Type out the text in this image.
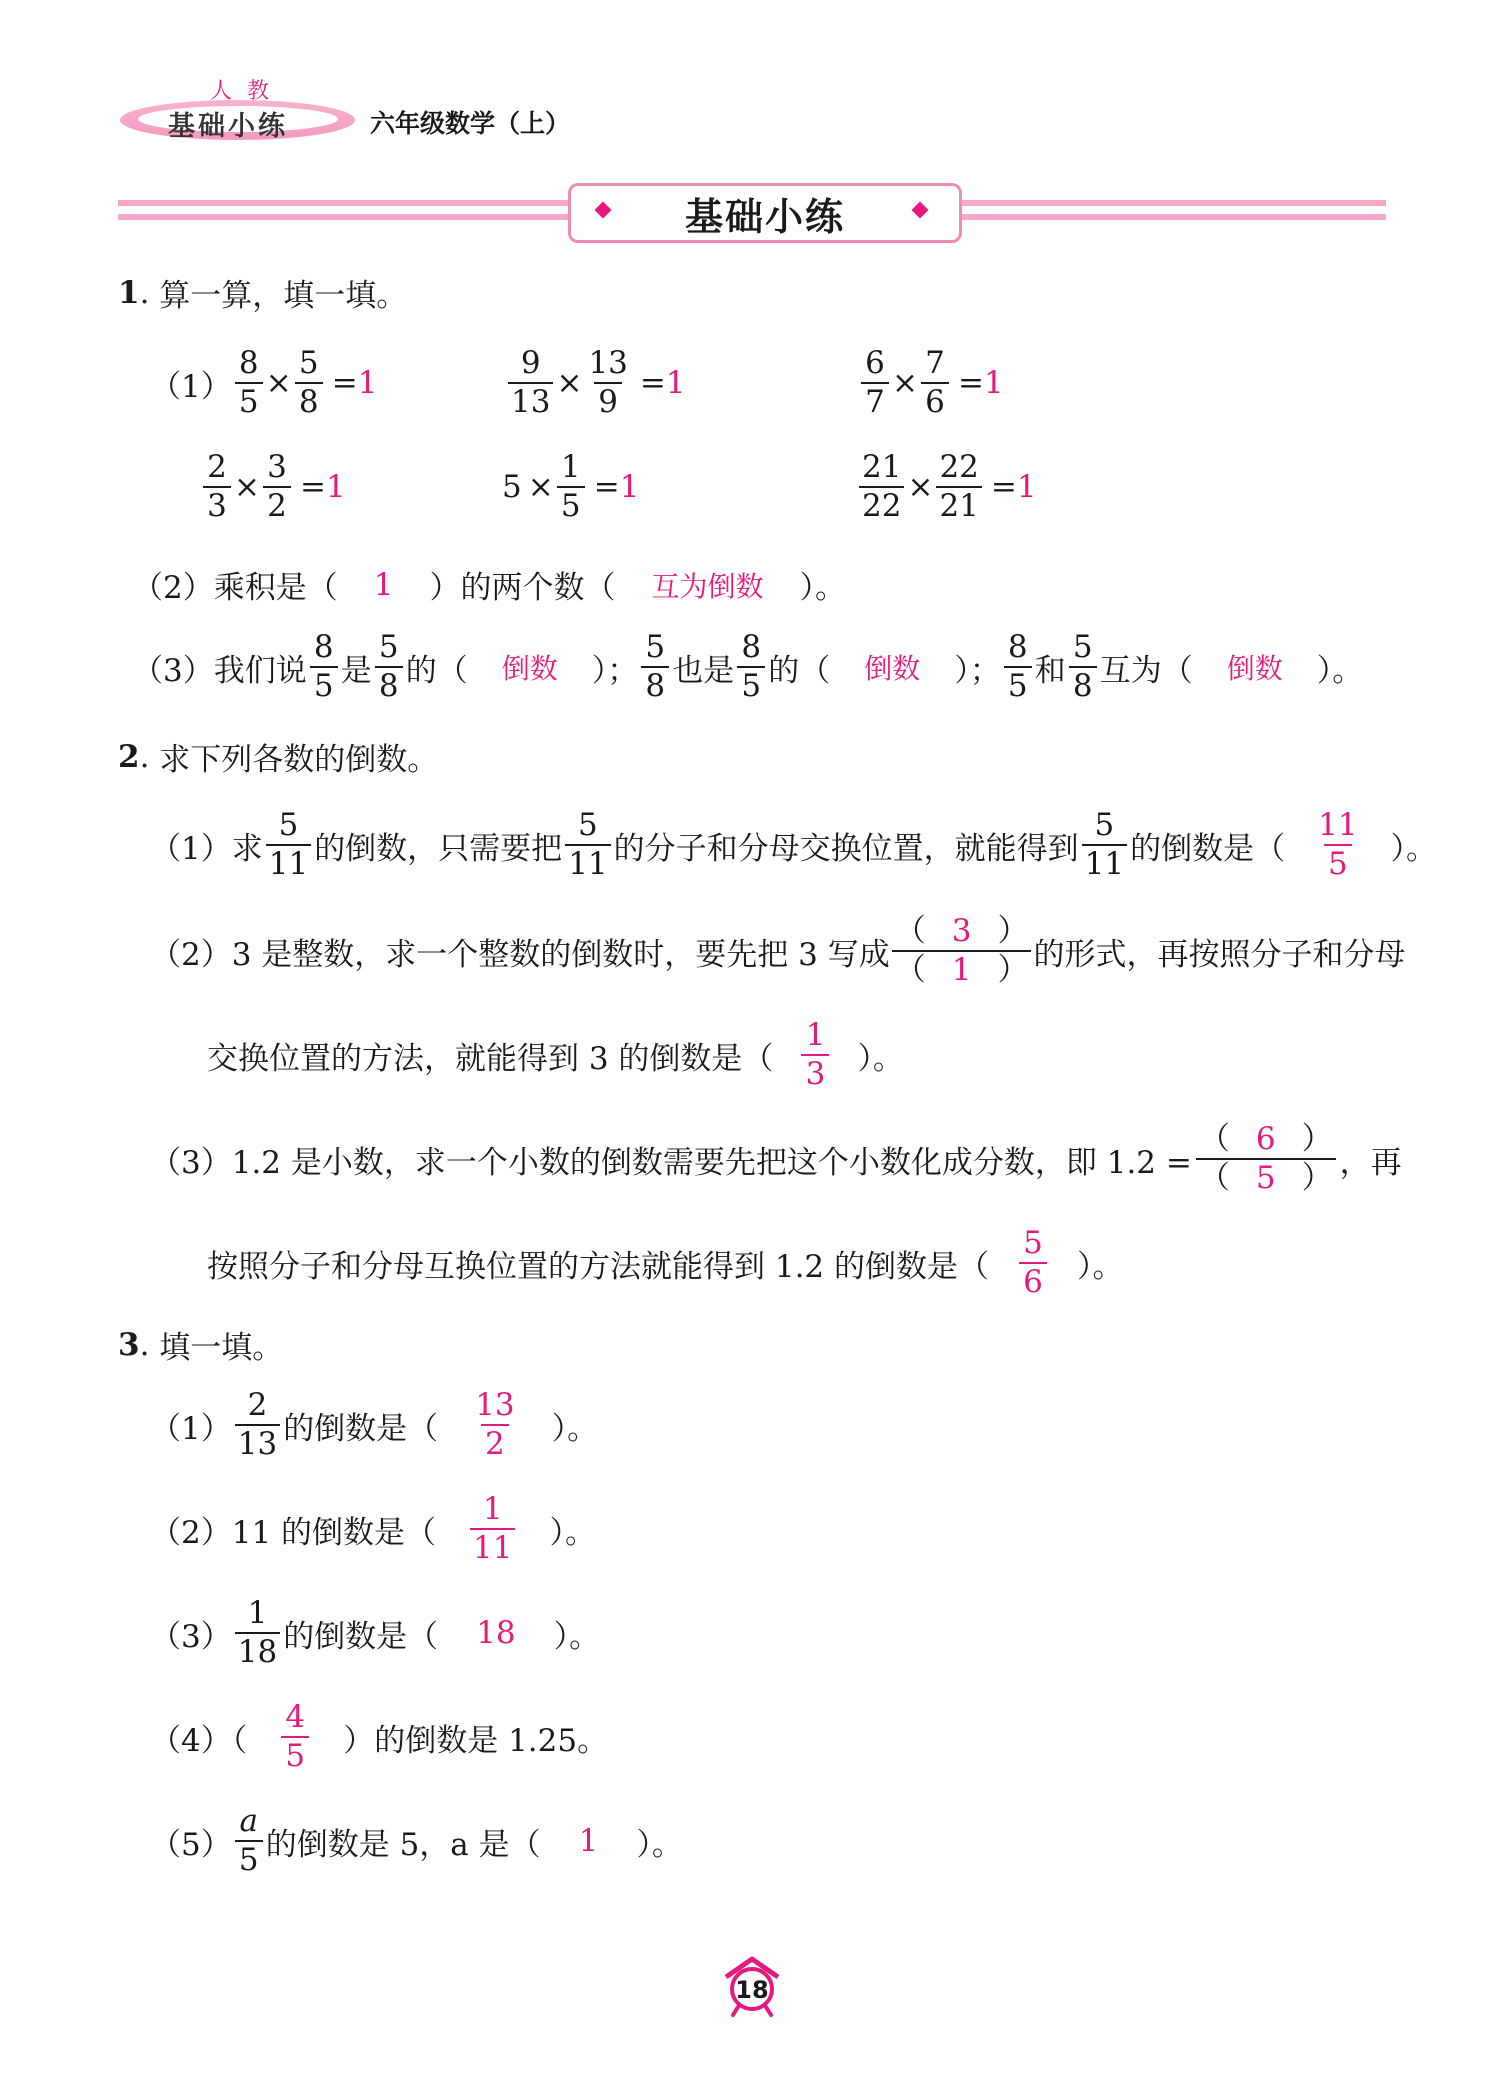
人 教
基础小练	六年级数学（上）
基础小练
1 . 算一算，填一填。
$(1) \frac{8}{5} \times \frac{5}{8} = 1$	$\frac{9}{13} \times \frac{13}{9} = 1$	$\frac{6}{7} \times \frac{7}{6} = 1$
$\frac{2}{3} \times \frac{3}{2} = 1$	$5 \times \frac{1}{5} = 1$	$\frac{21}{22} \times \frac{22}{21} = 1$
（2）乘积是（ 1 ）的两个数（ 互为倒数 ）。
（3）我们说
8
5 是
5
8 的（ 倒数 ）；
5
8 也是
8
5 的（ 倒数 ）；
8
5 和
5
8 互为（ 倒数 ）。
2 . 求下列各数的倒数。
（1）求
5
11 的倒数，只需要把
5
11 的分子和分母交换位置，就能得到
5
11 的倒数是（
11
5 ）。
（2）3 是整数，求一个整数的倒数时，要先把 3 写成
（ 3 ）
（ 1 ） 的形式，再按照分子和分母
交换位置的方法，就能得到 3 的倒数是（
1
3 ）。
（3）1.2 是小数，求一个小数的倒数需要先把这个小数化成分数，即 $1.2 = \frac{( 6 )}{( 5 )}$ ，再
按照分子和分母互换位置的方法就能得到 1.2 的倒数是（
5
6 ）。
3 . 填一填。
（1）
2
13 的倒数是（
13
2 ）。
（2）11 的倒数是（
1
11 ）。
（3）
1
18 的倒数是（ 18 ）。
（4）（
4
5 ）的倒数是 1.25。
（5）
a
5 的倒数是 5，a 是（ 1 ）。
18
